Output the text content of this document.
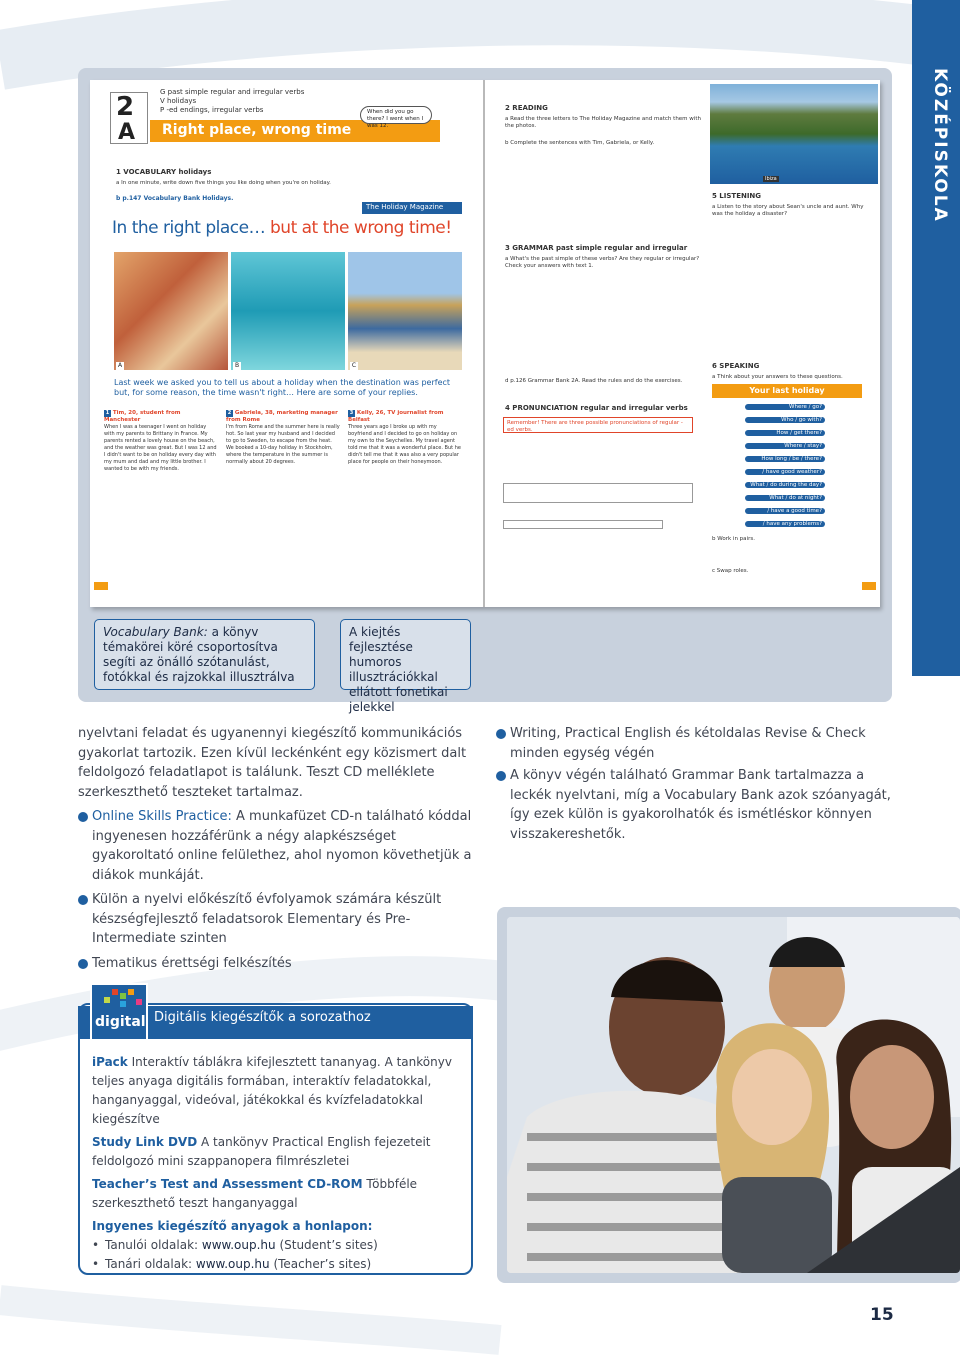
KÖZÉPISKOLA
2
A
G past simple regular and irregular verbs
V holidays
P -ed endings, irregular verbs
Right place, wrong time
When did you go there? I went when I was 12.
1 VOCABULARY holidays
a In one minute, write down five things you like doing when you're on holiday.
b p.147 Vocabulary Bank Holidays.
The Holiday Magazine
In the right place… but at the wrong time!
A	B	C
Last week we asked you to tell us about a holiday when the destination was perfect but, for some reason, the time wasn't right… Here are some of your replies.
1 Tim, 20, student from Manchester
When I was a teenager I went on holiday with my parents to Brittany in France. My parents rented a lovely house on the beach, and the weather was great. But I was 12 and I didn't want to be on holiday every day with my mum and dad and my little brother. I wanted to be with my friends.
2 Gabriela, 38, marketing manager from Rome
I'm from Rome and the summer here is really hot. So last year my husband and I decided to go to Sweden, to escape from the heat. We booked a 10-day holiday in Stockholm, where the temperature in the summer is normally about 20 degrees.
3 Kelly, 26, TV journalist from Belfast
Three years ago I broke up with my boyfriend and I decided to go on holiday on my own to the Seychelles. My travel agent told me that it was a wonderful place. But he didn't tell me that it was also a very popular place for people on their honeymoon.
2 READING
a Read the three letters to The Holiday Magazine and match them with the photos.
b Complete the sentences with Tim, Gabriela, or Kelly.
3 GRAMMAR past simple regular and irregular
a What's the past simple of these verbs? Are they regular or irregular? Check your answers with text 1.
d p.126 Grammar Bank 2A. Read the rules and do the exercises.
4 PRONUNCIATION regular and irregular verbs
Remember! There are three possible pronunciations of regular -ed verbs.
Ibiza
5 LISTENING
a Listen to the story about Sean's uncle and aunt. Why was the holiday a disaster?
6 SPEAKING
a Think about your answers to these questions.
Your last holiday
Where / go?
Who / go with?
How / get there?
Where / stay?
How long / be / there?
/ have good weather?
What / do during the day?
What / do at night?
/ have a good time?
/ have any problems?
b Work in pairs.
c Swap roles.
Vocabulary Bank: a könyv témakörei köré csoportosítva segíti az önálló szótanulást, fotókkal és rajzokkal illusztrálva
A kiejtés fejlesztése humoros illusztrációkkal ellátott fonetikai jelekkel
nyelvtani feladat és ugyanennyi kiegészítő kommunikációs gyakorlat tartozik. Ezen kívül leckénként egy közismert dalt feldolgozó feladatlapot is találunk. Teszt CD melléklete szerkeszthető teszteket tartalmaz.
Online Skills Practice: A munkafüzet CD-n található kóddal ingyenesen hozzáférünk a négy alapkészséget gyakoroltató online felülethez, ahol nyomon követhetjük a diákok munkáját.
Külön a nyelvi előkészítő évfolyamok számára készült készségfejlesztő feladatsorok Elementary és Pre-Intermediate szinten
Tematikus érettségi felkészítés
Writing, Practical English és kétoldalas Revise & Check minden egység végén
A könyv végén található Grammar Bank tartalmazza a leckék nyelvtani, míg a Vocabulary Bank azok szóanyagát, így ezek külön is gyakorolhatók és ismétléskor könnyen visszakereshetők.
digital Digitális kiegészítők a sorozathoz
iPack Interaktív táblákra kifejlesztett tananyag. A tankönyv teljes anyaga digitális formában, interaktív feladatokkal, hanganyaggal, videóval, játékokkal és kvízfeladatokkal kiegészítve
Study Link DVD A tankönyv Practical English fejezeteit feldolgozó mini szappanopera filmrészletei
Teacher’s Test and Assessment CD-ROM Többféle szerkeszthető teszt hanganyaggal
Ingyenes kiegészítő anyagok a honlapon:
• Tanulói oldalak: www.oup.hu (Student’s sites)
• Tanári oldalak: www.oup.hu (Teacher’s sites)
15
